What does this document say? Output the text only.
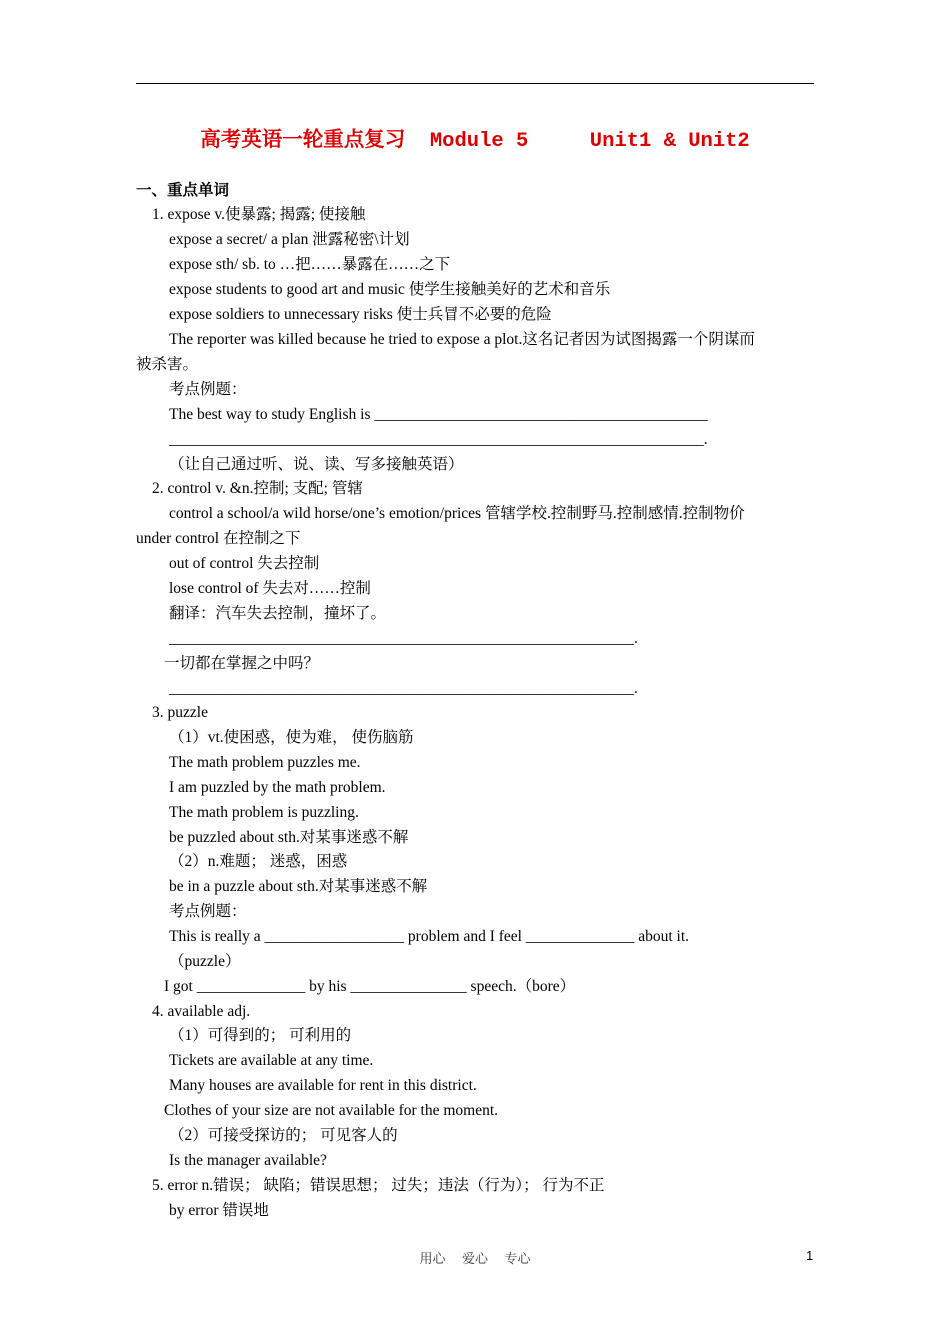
高考英语一轮重点复习  Module 5     Unit1 & Unit2
一、重点单词
1. expose v.使暴露; 揭露; 使接触
expose a secret/ a plan 泄露秘密\计划
expose sth/ sb. to …把……暴露在……之下
expose students to good art and music 使学生接触美好的艺术和音乐
expose soldiers to unnecessary risks 使士兵冒不必要的危险
The reporter was killed because he tried to expose a plot.这名记者因为试图揭露一个阴谋而
被杀害。
考点例题：
The best way to study English is ___________________________________________
_____________________________________________________________________.
（让自己通过听、说、读、写多接触英语）
2. control v. &n.控制; 支配; 管辖
control a school/a wild horse/one’s emotion/prices 管辖学校.控制野马.控制感情.控制物价
under control 在控制之下
out of control 失去控制
lose control of 失去对……控制
翻译：汽车失去控制，撞坏了。
____________________________________________________________.
一切都在掌握之中吗？
____________________________________________________________.
3. puzzle
（1）vt.使困惑，使为难， 使伤脑筋
The math problem puzzles me.
I am puzzled by the math problem.
The math problem is puzzling.
be puzzled about sth.对某事迷惑不解
（2）n.难题； 迷惑，困惑
be in a puzzle about sth.对某事迷惑不解
考点例题：
This is really a __________________ problem and I feel ______________ about it.
（puzzle）
I got ______________ by his _______________ speech.（bore）
4. available adj.
（1）可得到的； 可利用的
Tickets are available at any time.
Many houses are available for rent in this district.
Clothes of your size are not available for the moment.
（2）可接受探访的； 可见客人的
Is the manager available?
5. error n.错误； 缺陷；错误思想； 过失；违法（行为）； 行为不正
by error 错误地
用心    爱心    专心	1
